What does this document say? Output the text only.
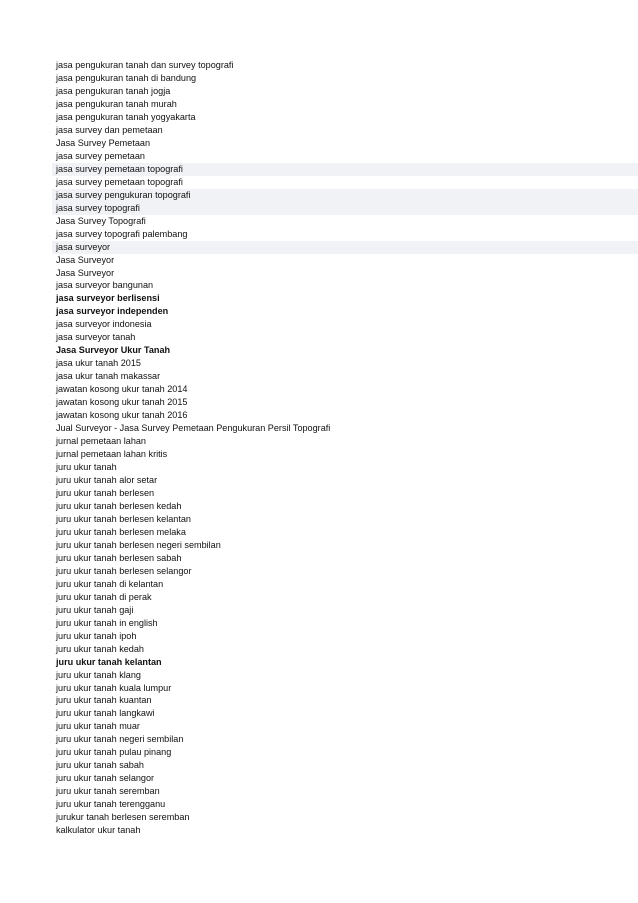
jasa pengukuran tanah dan survey topografi
jasa pengukuran tanah di bandung
jasa pengukuran tanah jogja
jasa pengukuran tanah murah
jasa pengukuran tanah yogyakarta
jasa survey dan pemetaan
Jasa Survey Pemetaan
jasa survey pemetaan
jasa survey pemetaan topografi
jasa survey pemetaan topografi
jasa survey pengukuran topografi
jasa survey topografi
Jasa Survey Topografi
jasa survey topografi palembang
jasa surveyor
Jasa Surveyor
Jasa Surveyor
jasa surveyor bangunan
jasa surveyor berlisensi
jasa surveyor independen
jasa surveyor indonesia
jasa surveyor tanah
Jasa Surveyor Ukur Tanah
jasa ukur tanah 2015
jasa ukur tanah makassar
jawatan kosong ukur tanah 2014
jawatan kosong ukur tanah 2015
jawatan kosong ukur tanah 2016
Jual Surveyor - Jasa Survey Pemetaan Pengukuran Persil Topografi
jurnal pemetaan lahan
jurnal pemetaan lahan kritis
juru ukur tanah
juru ukur tanah alor setar
juru ukur tanah berlesen
juru ukur tanah berlesen kedah
juru ukur tanah berlesen kelantan
juru ukur tanah berlesen melaka
juru ukur tanah berlesen negeri sembilan
juru ukur tanah berlesen sabah
juru ukur tanah berlesen selangor
juru ukur tanah di kelantan
juru ukur tanah di perak
juru ukur tanah gaji
juru ukur tanah in english
juru ukur tanah ipoh
juru ukur tanah kedah
juru ukur tanah kelantan
juru ukur tanah klang
juru ukur tanah kuala lumpur
juru ukur tanah kuantan
juru ukur tanah langkawi
juru ukur tanah muar
juru ukur tanah negeri sembilan
juru ukur tanah pulau pinang
juru ukur tanah sabah
juru ukur tanah selangor
juru ukur tanah seremban
juru ukur tanah terengganu
jurukur tanah berlesen seremban
kalkulator ukur tanah
